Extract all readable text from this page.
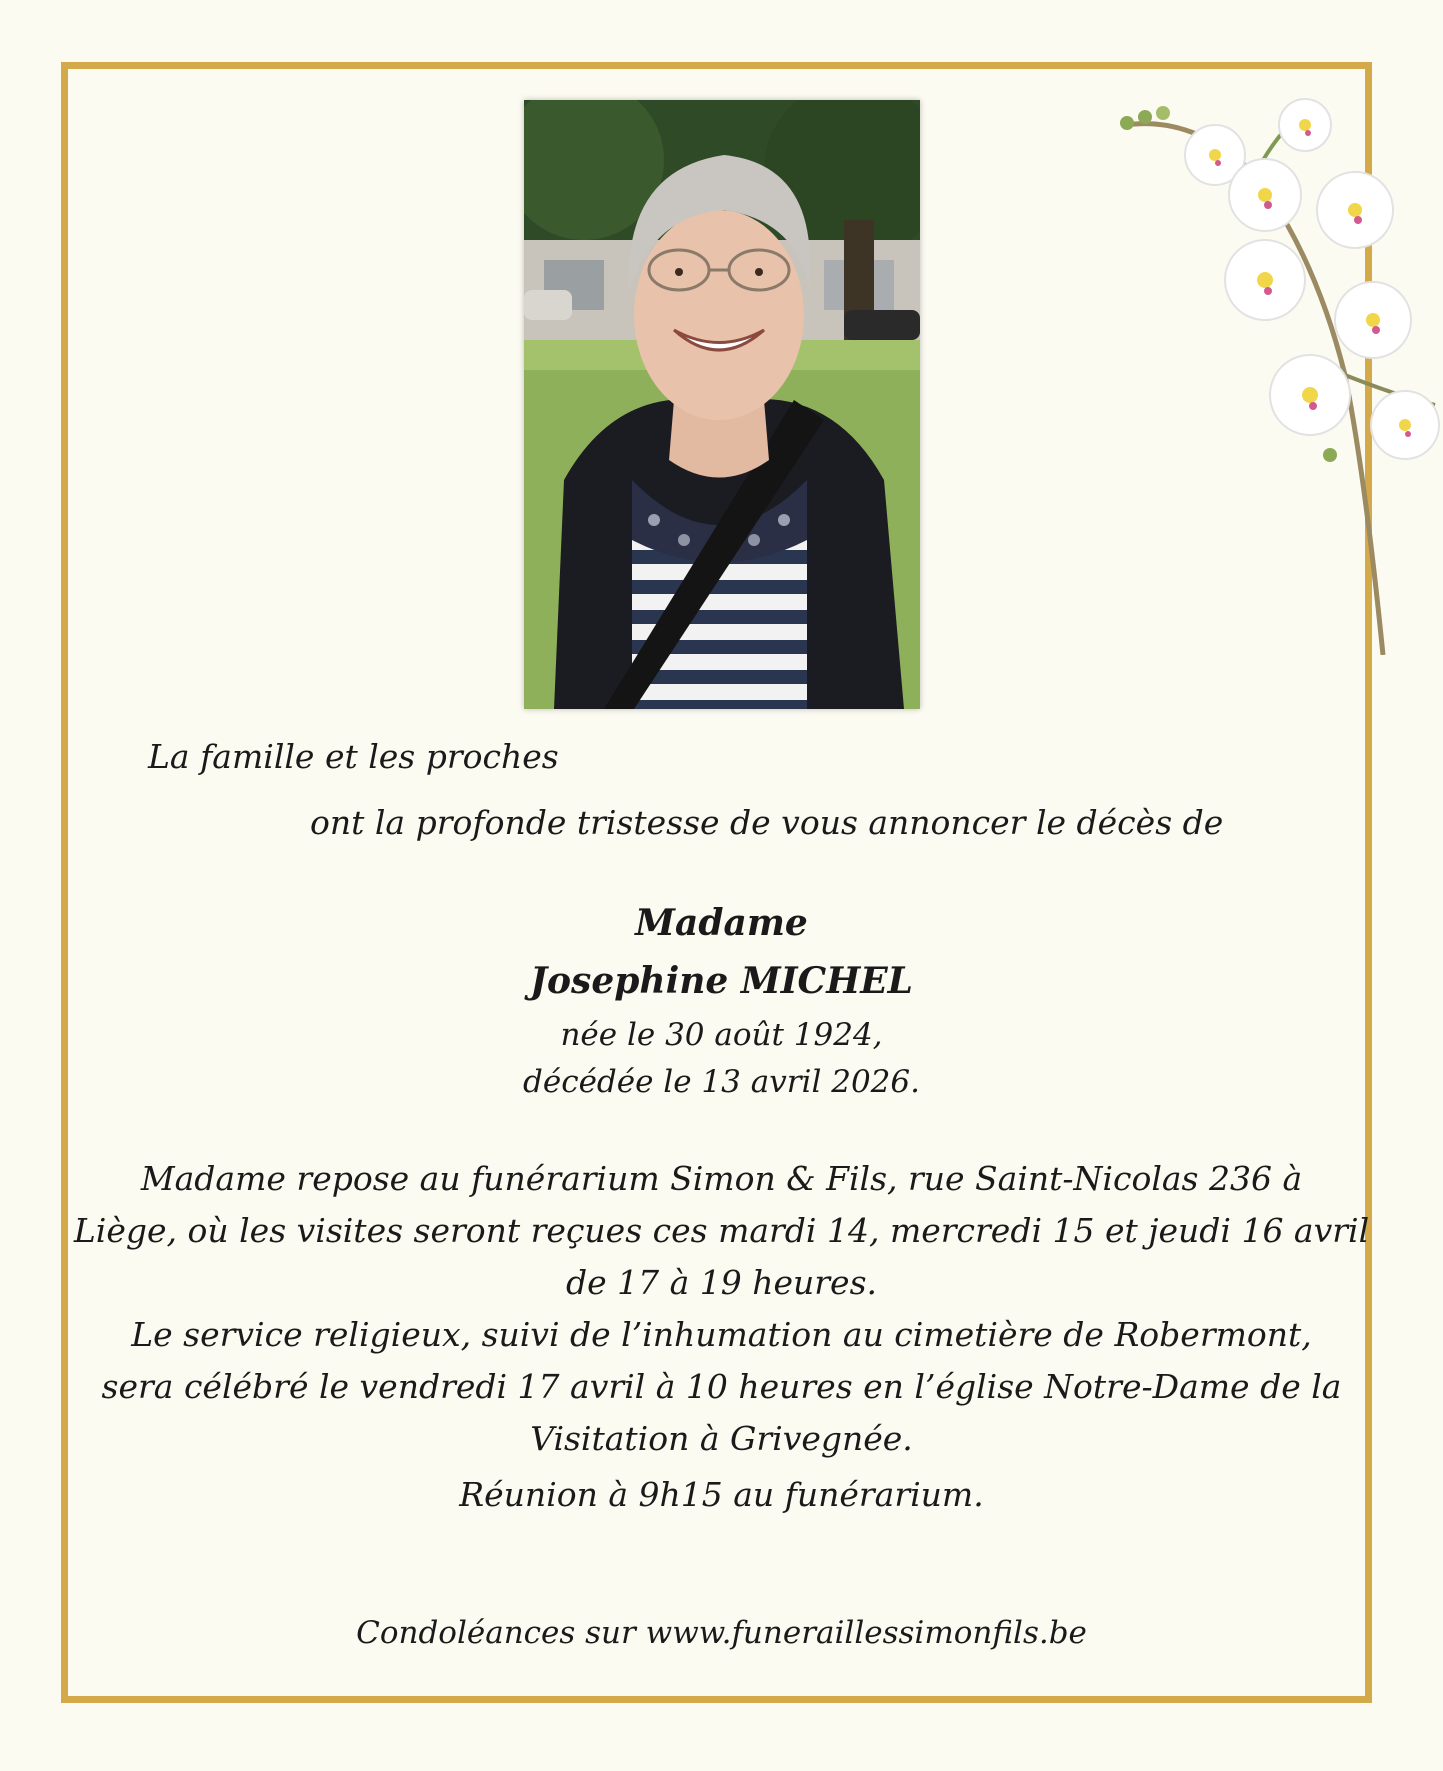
La famille et les proches
ont la profonde tristesse de vous annoncer le décès de
Madame
Josephine MICHEL
née le 30 août 1924,
décédée le 13 avril 2026.
Madame repose au funérarium Simon & Fils, rue Saint-Nicolas 236 à
Liège, où les visites seront reçues ces mardi 14, mercredi 15 et jeudi 16 avril
de 17 à 19 heures.
Le service religieux, suivi de l’inhumation au cimetière de Robermont,
sera célébré le vendredi 17 avril à 10 heures en l’église Notre-Dame de la
Visitation à Grivegnée.
Réunion à 9h15 au funérarium.
Condoléances sur www.funeraillessimonfils.be
